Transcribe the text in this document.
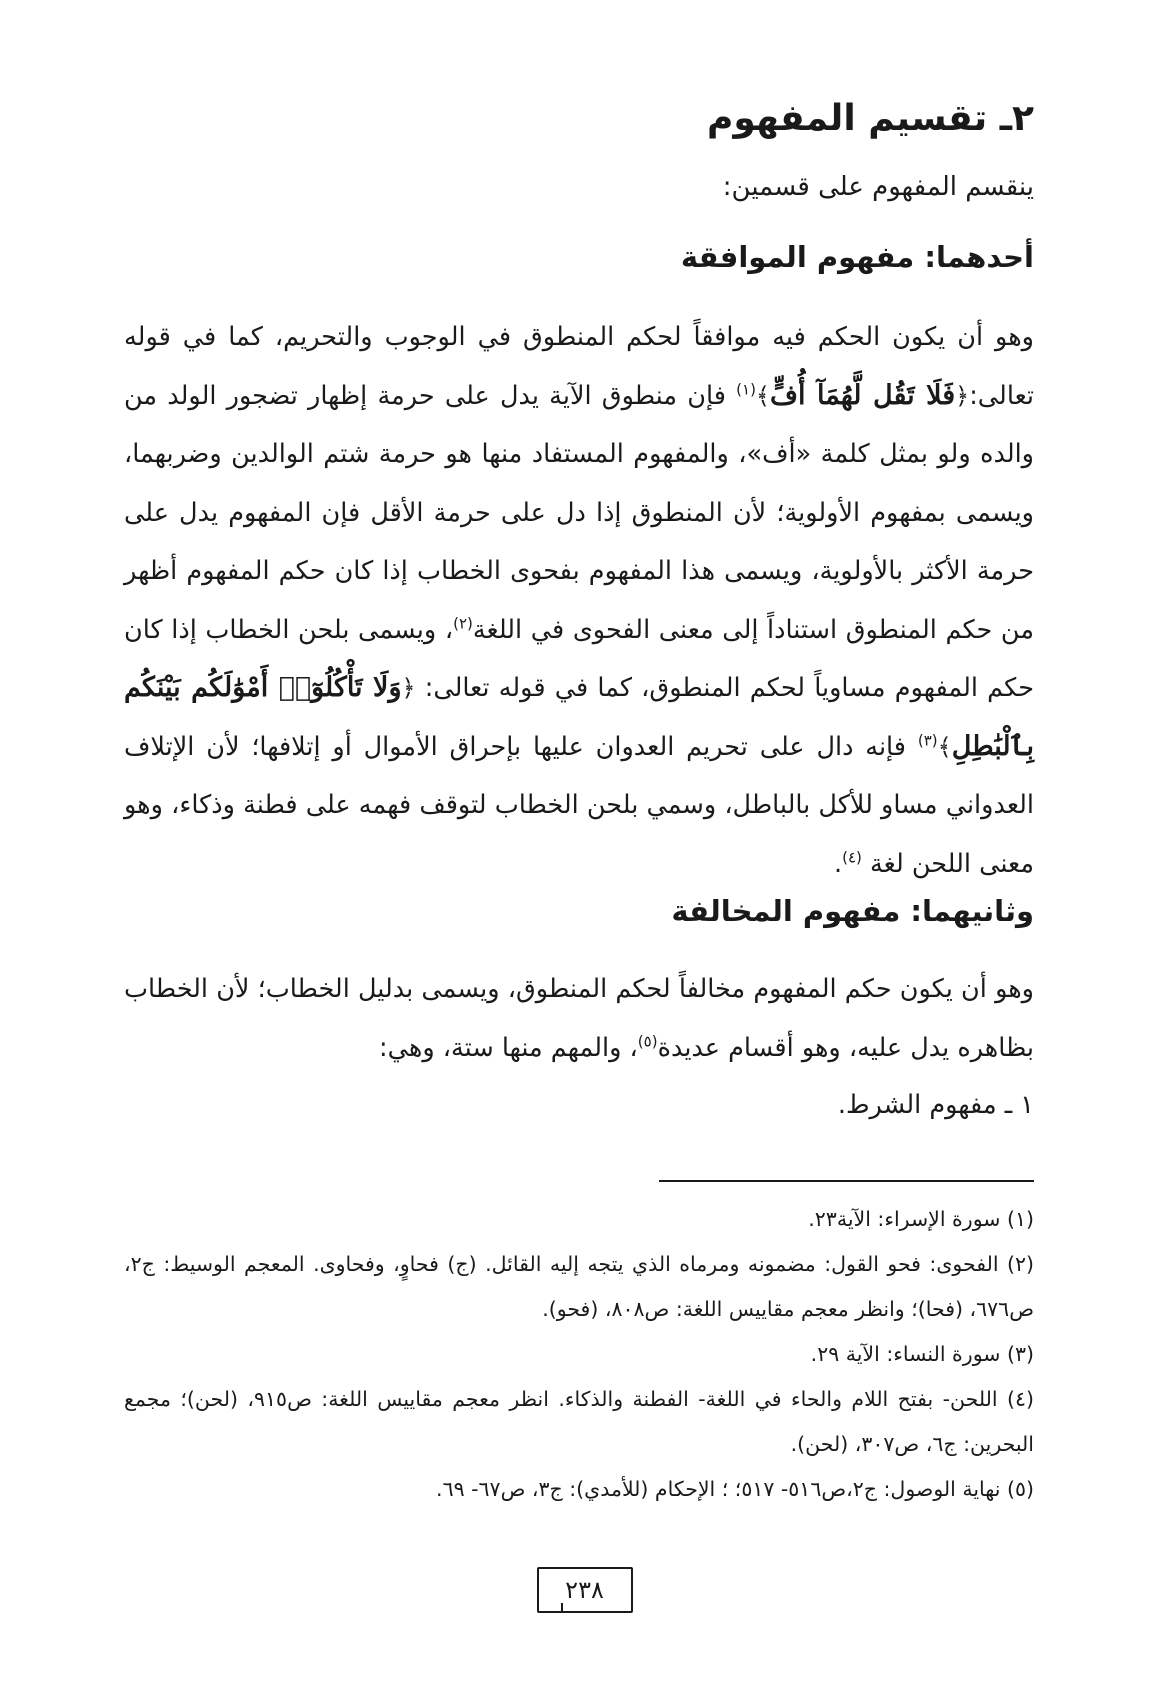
٢ـ تقسيم المفهوم
ينقسم المفهوم على قسمين:
أحدهما: مفهوم الموافقة
وهو أن يكون الحكم فيه موافقاً لحكم المنطوق في الوجوب والتحريم، كما في قوله تعالى:﴿فَلَا تَقُل لَّهُمَآ أُفٍّ﴾$^{(١)}$ فإن منطوق الآية يدل على حرمة إظهار تضجور الولد من والده ولو بمثل كلمة «أف»، والمفهوم المستفاد منها هو حرمة شتم الوالدين وضربهما، ويسمى بمفهوم الأولوية؛ لأن المنطوق إذا دل على حرمة الأقل فإن المفهوم يدل على حرمة الأكثر بالأولوية، ويسمى هذا المفهوم بفحوى الخطاب إذا كان حكم المفهوم أظهر من حكم المنطوق استناداً إلى معنى الفحوى في اللغة$^{(٢)}$، ويسمى بلحن الخطاب إذا كان حكم المفهوم مساوياً لحكم المنطوق، كما في قوله تعالى: ﴿وَلَا تَأْكُلُوٓا۟ أَمْوَٰلَكُم بَيْنَكُم بِٱلْبَٰطِلِ﴾$^{(٣)}$ فإنه دال على تحريم العدوان عليها بإحراق الأموال أو إتلافها؛ لأن الإتلاف العدواني مساو للأكل بالباطل، وسمي بلحن الخطاب لتوقف فهمه على فطنة وذكاء، وهو معنى اللحن لغة $^{(٤)}$.
وثانيهما: مفهوم المخالفة
وهو أن يكون حكم المفهوم مخالفاً لحكم المنطوق، ويسمى بدليل الخطاب؛ لأن الخطاب بظاهره يدل عليه، وهو أقسام عديدة$^{(٥)}$، والمهم منها ستة، وهي:
١ ـ مفهوم الشرط.
(١) سورة الإسراء: الآية٢٣.
(٢) الفحوى: فحو القول: مضمونه ومرماه الذي يتجه إليه القائل. (ج) فحاوٍ، وفحاوى. المعجم الوسيط: ج٢، ص٦٧٦، (فحا)؛ وانظر معجم مقاييس اللغة: ص٨٠٨، (فحو).
(٣) سورة النساء: الآية ٢٩.
(٤) اللحن- بفتح اللام والحاء في اللغة- الفطنة والذكاء. انظر معجم مقاييس اللغة: ص٩١٥، (لحن)؛ مجمع البحرين: ج٦، ص٣٠٧، (لحن).
(٥) نهاية الوصول: ج٢،ص٥١٦- ٥١٧؛ ؛ الإحكام (للأمدي): ج٣، ص٦٧- ٦٩.
٢٣٨
